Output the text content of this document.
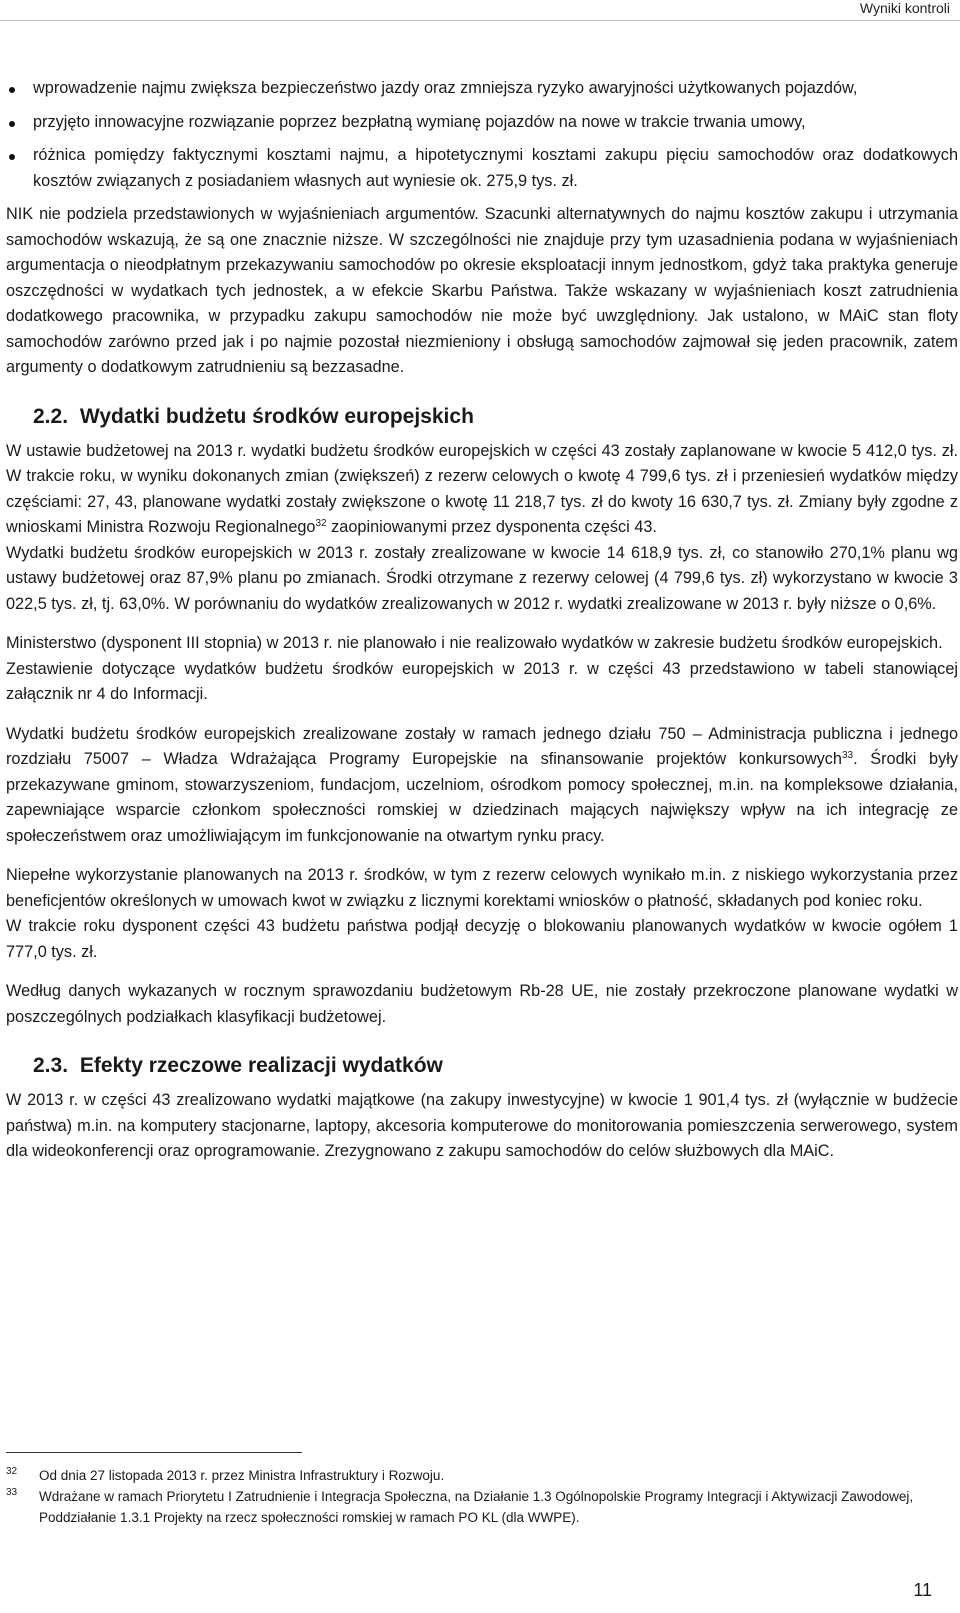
Wyniki kontroli
wprowadzenie najmu zwiększa bezpieczeństwo jazdy oraz zmniejsza ryzyko awaryjności użytkowanych pojazdów,
przyjęto innowacyjne rozwiązanie poprzez bezpłatną wymianę pojazdów na nowe w trakcie trwania umowy,
różnica pomiędzy faktycznymi kosztami najmu, a hipotetycznymi kosztami zakupu pięciu samochodów oraz dodatkowych kosztów związanych z posiadaniem własnych aut wyniesie ok. 275,9 tys. zł.

NIK nie podziela przedstawionych w wyjaśnieniach argumentów. Szacunki alternatywnych do najmu kosztów zakupu i utrzymania samochodów wskazują, że są one znacznie niższe. W szczególności nie znajduje przy tym uzasadnienia podana w wyjaśnieniach argumentacja o nieodpłatnym przekazywaniu samochodów po okresie eksploatacji innym jednostkom, gdyż taka praktyka generuje oszczędności w wydatkach tych jednostek, a w efekcie Skarbu Państwa. Także wskazany w wyjaśnieniach koszt zatrudnienia dodatkowego pracownika, w przypadku zakupu samochodów nie może być uwzględniony. Jak ustalono, w MAiC stan floty samochodów zarówno przed jak i po najmie pozostał niezmieniony i obsługą samochodów zajmował się jeden pracownik, zatem argumenty o dodatkowym zatrudnieniu są bezzasadne.

2.2. Wydatki budżetu środków europejskich

W ustawie budżetowej na 2013 r. wydatki budżetu środków europejskich w części 43 zostały zaplanowane w kwocie 5 412,0 tys. zł. W trakcie roku, w wyniku dokonanych zmian (zwiększeń) z rezerw celowych o kwotę 4 799,6 tys. zł i przeniesień wydatków między częściami: 27, 43, planowane wydatki zostały zwiększone o kwotę 11 218,7 tys. zł do kwoty 16 630,7 tys. zł. Zmiany były zgodne z wnioskami Ministra Rozwoju Regionalnego$^{32}$ zaopiniowanymi przez dysponenta części 43.

Wydatki budżetu środków europejskich w 2013 r. zostały zrealizowane w kwocie 14 618,9 tys. zł, co stanowiło 270,1% planu wg ustawy budżetowej oraz 87,9% planu po zmianach. Środki otrzymane z rezerwy celowej (4 799,6 tys. zł) wykorzystano w kwocie 3 022,5 tys. zł, tj. 63,0%. W porównaniu do wydatków zrealizowanych w 2012 r. wydatki zrealizowane w 2013 r. były niższe o 0,6%.

Ministerstwo (dysponent III stopnia) w 2013 r. nie planowało i nie realizowało wydatków w zakresie budżetu środków europejskich.

Zestawienie dotyczące wydatków budżetu środków europejskich w 2013 r. w części 43 przedstawiono w tabeli stanowiącej załącznik nr 4 do Informacji.

Wydatki budżetu środków europejskich zrealizowane zostały w ramach jednego działu 750 – Administracja publiczna i jednego rozdziału 75007 – Władza Wdrażająca Programy Europejskie na sfinansowanie projektów konkursowych$^{33}$. Środki były przekazywane gminom, stowarzyszeniom, fundacjom, uczelniom, ośrodkom pomocy społecznej, m.in. na kompleksowe działania, zapewniające wsparcie członkom społeczności romskiej w dziedzinach mających największy wpływ na ich integrację ze społeczeństwem oraz umożliwiającym im funkcjonowanie na otwartym rynku pracy.

Niepełne wykorzystanie planowanych na 2013 r. środków, w tym z rezerw celowych wynikało m.in. z niskiego wykorzystania przez beneficjentów określonych w umowach kwot w związku z licznymi korektami wniosków o płatność, składanych pod koniec roku.

W trakcie roku dysponent części 43 budżetu państwa podjął decyzję o blokowaniu planowanych wydatków w kwocie ogółem 1 777,0 tys. zł.

Według danych wykazanych w rocznym sprawozdaniu budżetowym Rb-28 UE, nie zostały przekroczone planowane wydatki w poszczególnych podziałkach klasyfikacji budżetowej.

2.3. Efekty rzeczowe realizacji wydatków

W 2013 r. w części 43 zrealizowano wydatki majątkowe (na zakupy inwestycyjne) w kwocie 1 901,4 tys. zł (wyłącznie w budżecie państwa) m.in. na komputery stacjonarne, laptopy, akcesoria komputerowe do monitorowania pomieszczenia serwerowego, system dla wideokonferencji oraz oprogramowanie. Zrezygnowano z zakupu samochodów do celów służbowych dla MAiC.

32 Od dnia 27 listopada 2013 r. przez Ministra Infrastruktury i Rozwoju.
33 Wdrażane w ramach Priorytetu I Zatrudnienie i Integracja Społeczna, na Działanie 1.3 Ogólnopolskie Programy Integracji i Aktywizacji Zawodowej, Poddziałanie 1.3.1 Projekty na rzecz społeczności romskiej w ramach PO KL (dla WWPE).
11
